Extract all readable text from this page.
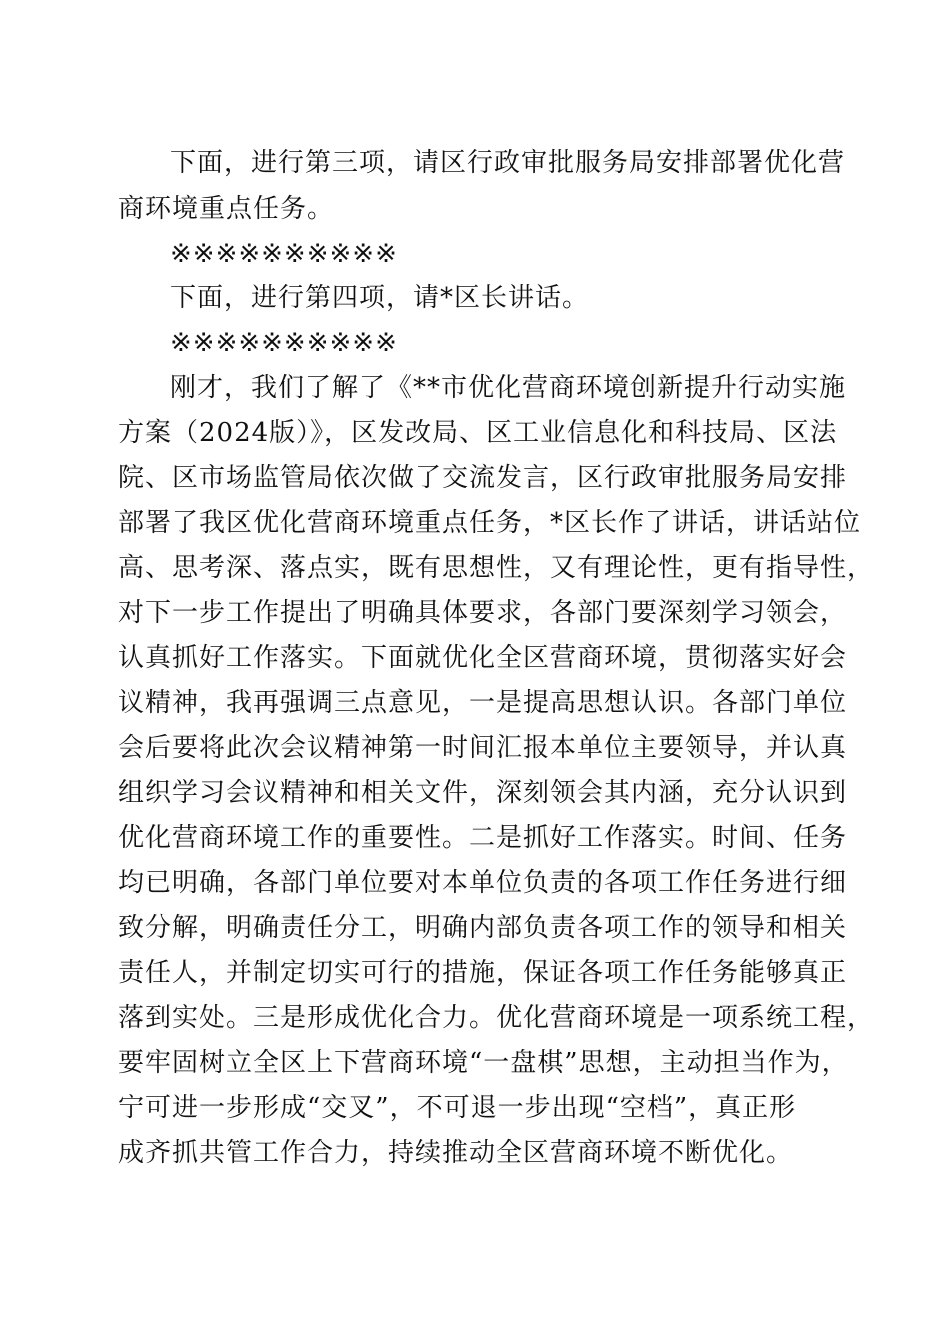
下面，进行第三项，请区行政审批服务局安排部署优化营
商环境重点任务。
※※※※※※※※※※
下面，进行第四项，请*区长讲话。
※※※※※※※※※※
刚才，我们了解了《**市优化营商环境创新提升行动实施
方案（2024版）》，区发改局、区工业信息化和科技局、区法
院、区市场监管局依次做了交流发言，区行政审批服务局安排
部署了我区优化营商环境重点任务，*区长作了讲话，讲话站位
高、思考深、落点实，既有思想性，又有理论性，更有指导性，
对下一步工作提出了明确具体要求，各部门要深刻学习领会，
认真抓好工作落实。下面就优化全区营商环境，贯彻落实好会
议精神，我再强调三点意见，一是提高思想认识。各部门单位
会后要将此次会议精神第一时间汇报本单位主要领导，并认真
组织学习会议精神和相关文件，深刻领会其内涵，充分认识到
优化营商环境工作的重要性。二是抓好工作落实。时间、任务
均已明确，各部门单位要对本单位负责的各项工作任务进行细
致分解，明确责任分工，明确内部负责各项工作的领导和相关
责任人，并制定切实可行的措施，保证各项工作任务能够真正
落到实处。三是形成优化合力。优化营商环境是一项系统工程，
要牢固树立全区上下营商环境“一盘棋”思想，主动担当作为，
宁可进一步形成“交叉”，不可退一步出现“空档”，真正形
成齐抓共管工作合力，持续推动全区营商环境不断优化。
